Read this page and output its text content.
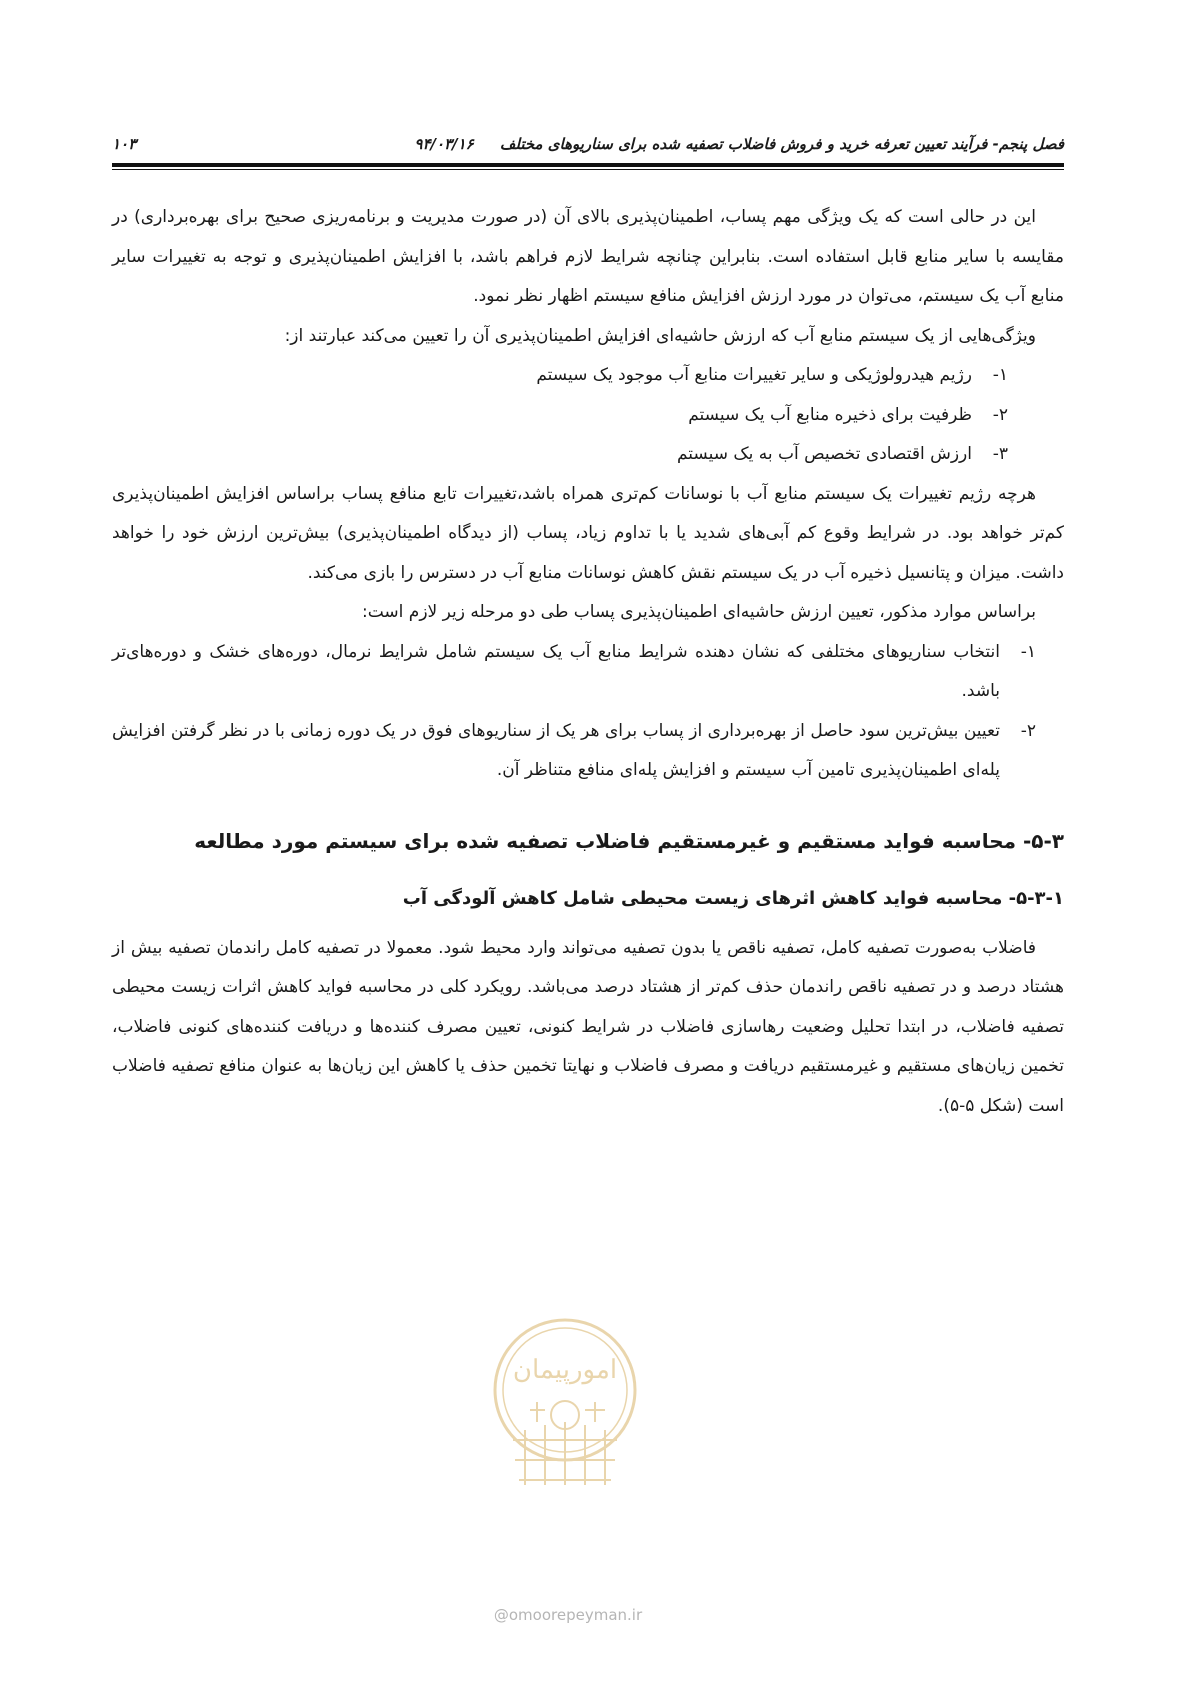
فصل پنجم- فرآیند تعیین تعرفه خرید و فروش فاضلاب تصفیه شده برای سناریوهای مختلف     ۹۴/۰۳/۱۶
۱۰۳

این در حالی است که یک ویژگی مهم پساب، اطمینان‌پذیری بالای آن (در صورت مدیریت و برنامه‌ریزی صحیح برای بهره‌برداری) در مقایسه با سایر منابع قابل استفاده است. بنابراین چنانچه شرایط لازم فراهم باشد، با افزایش اطمینان‌پذیری و توجه به تغییرات سایر منابع آب یک سیستم، می‌توان در مورد ارزش افزایش منافع سیستم اظهار نظر نمود.

ویژگی‌هایی از یک سیستم منابع آب که ارزش حاشیه‌ای افزایش اطمینان‌پذیری آن را تعیین می‌کند عبارتند از:

۱-
رژیم هیدرولوژیکی و سایر تغییرات منابع آب موجود یک سیستم
۲-
ظرفیت برای ذخیره منابع آب یک سیستم
۳-
ارزش اقتصادی تخصیص آب به یک سیستم

هرچه رژیم تغییرات یک سیستم منابع آب با نوسانات کم‌تری همراه باشد،تغییرات تابع منافع پساب براساس افزایش اطمینان‌پذیری کم‌تر خواهد بود. در شرایط وقوع کم آبی‌های شدید یا با تداوم زیاد، پساب (از دیدگاه اطمینان‌پذیری) بیش‌ترین ارزش خود را خواهد داشت. میزان و پتانسیل ذخیره آب در یک سیستم نقش کاهش نوسانات منابع آب در دسترس را بازی می‌کند.

براساس موارد مذکور، تعیین ارزش حاشیه‌ای اطمینان‌پذیری پساب طی دو مرحله زیر لازم است:

۱-
انتخاب سناریوهای مختلفی که نشان دهنده شرایط منابع آب یک سیستم شامل شرایط نرمال، دوره‌های خشک و دوره‌های‌تر باشد.
۲-
تعیین بیش‌ترین سود حاصل از بهره‌برداری از پساب برای هر یک از سناریوهای فوق در یک دوره زمانی با در نظر گرفتن افزایش پله‌ای اطمینان‌پذیری تامین آب سیستم و افزایش پله‌ای منافع متناظر آن.
۵-۳- محاسبه فواید مستقیم و غیرمستقیم فاضلاب تصفیه شده برای سیستم مورد مطالعه
۵-۳-۱- محاسبه فواید کاهش اثرهای زیست محیطی شامل کاهش آلودگی آب

فاضلاب به‌صورت تصفیه کامل، تصفیه ناقص یا بدون تصفیه می‌تواند وارد محیط شود. معمولا در تصفیه کامل راندمان تصفیه بیش از هشتاد درصد و در تصفیه ناقص راندمان حذف کم‌تر از هشتاد درصد می‌باشد. رویکرد کلی در محاسبه فواید کاهش اثرات زیست محیطی تصفیه فاضلاب، در ابتدا تحلیل وضعیت رهاسازی فاضلاب در شرایط کنونی، تعیین مصرف کننده‌ها و دریافت کننده‌های کنونی فاضلاب، تخمین زیان‌های مستقیم و غیرمستقیم دریافت و مصرف فاضلاب و نهایتا تخمین حذف یا کاهش این زیان‌ها به عنوان منافع تصفیه فاضلاب است (شکل ۵-۵).

امورپیمان
@omoorepeyman.ir
